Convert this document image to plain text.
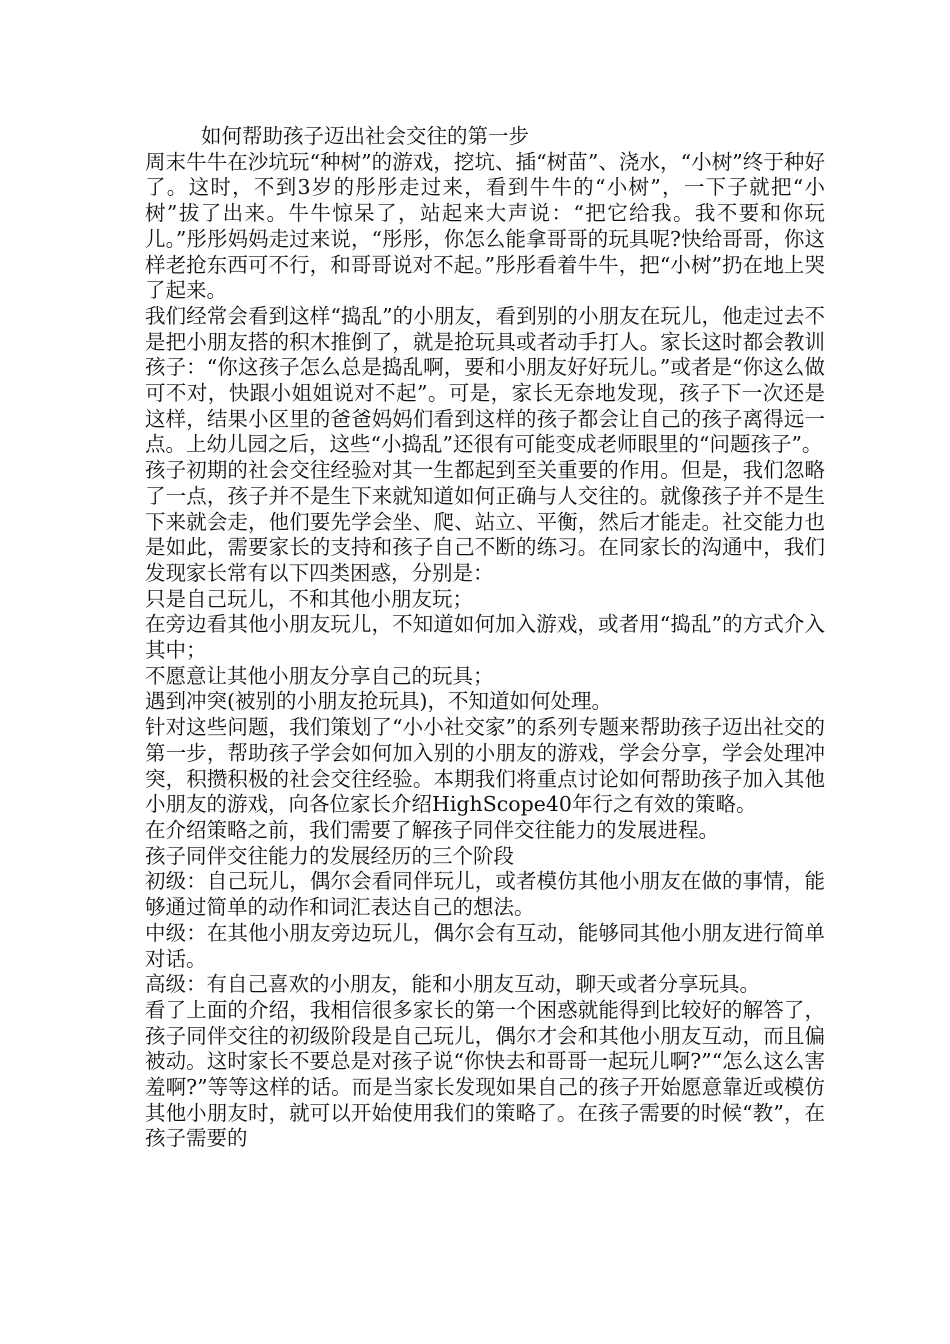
如何帮助孩子迈出社会交往的第一步

周末牛牛在沙坑玩“种树”的游戏，挖坑、插“树苗”、浇水，“小树”终于种好了。这时，不到3岁的彤彤走过来，看到牛牛的“小树”，一下子就把“小树”拔了出来。牛牛惊呆了，站起来大声说：“把它给我。我不要和你玩儿。”彤彤妈妈走过来说，“彤彤，你怎么能拿哥哥的玩具呢?快给哥哥，你这样老抢东西可不行，和哥哥说对不起。”彤彤看着牛牛，把“小树”扔在地上哭了起来。

我们经常会看到这样“捣乱”的小朋友，看到别的小朋友在玩儿，他走过去不是把小朋友搭的积木推倒了，就是抢玩具或者动手打人。家长这时都会教训孩子：“你这孩子怎么总是捣乱啊，要和小朋友好好玩儿。”或者是“你这么做可不对，快跟小姐姐说对不起”。可是，家长无奈地发现，孩子下一次还是这样，结果小区里的爸爸妈妈们看到这样的孩子都会让自己的孩子离得远一点。上幼儿园之后，这些“小捣乱”还很有可能变成老师眼里的“问题孩子”。

孩子初期的社会交往经验对其一生都起到至关重要的作用。但是，我们忽略了一点，孩子并不是生下来就知道如何正确与人交往的。就像孩子并不是生下来就会走，他们要先学会坐、爬、站立、平衡，然后才能走。社交能力也是如此，需要家长的支持和孩子自己不断的练习。在同家长的沟通中，我们发现家长常有以下四类困惑，分别是：

只是自己玩儿，不和其他小朋友玩；

在旁边看其他小朋友玩儿，不知道如何加入游戏，或者用“捣乱”的方式介入其中；

不愿意让其他小朋友分享自己的玩具；

遇到冲突(被别的小朋友抢玩具)，不知道如何处理。

针对这些问题，我们策划了“小小社交家”的系列专题来帮助孩子迈出社交的第一步，帮助孩子学会如何加入别的小朋友的游戏，学会分享，学会处理冲突，积攒积极的社会交往经验。本期我们将重点讨论如何帮助孩子加入其他小朋友的游戏，向各位家长介绍HighScope40年行之有效的策略。

在介绍策略之前，我们需要了解孩子同伴交往能力的发展进程。

孩子同伴交往能力的发展经历的三个阶段

初级：自己玩儿，偶尔会看同伴玩儿，或者模仿其他小朋友在做的事情，能够通过简单的动作和词汇表达自己的想法。

中级：在其他小朋友旁边玩儿，偶尔会有互动，能够同其他小朋友进行简单对话。

高级：有自己喜欢的小朋友，能和小朋友互动，聊天或者分享玩具。

看了上面的介绍，我相信很多家长的第一个困惑就能得到比较好的解答了，孩子同伴交往的初级阶段是自己玩儿，偶尔才会和其他小朋友互动，而且偏被动。这时家长不要总是对孩子说“你快去和哥哥一起玩儿啊?”“怎么这么害羞啊?”等等这样的话。而是当家长发现如果自己的孩子开始愿意靠近或模仿其他小朋友时，就可以开始使用我们的策略了。在孩子需要的时候“教”，在孩子需要的
